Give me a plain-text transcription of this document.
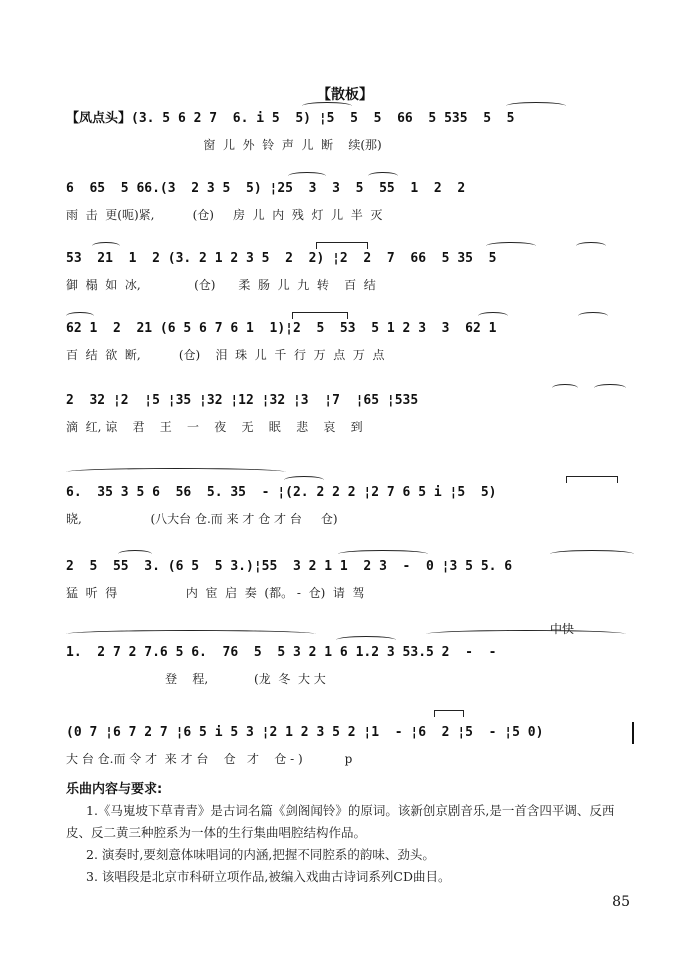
【散板】
【凤点头】(3. 5 6 2 7  6. i 5  5) ¦5  5  5  66  5 535  5  5
窗  儿  外  铃  声  儿  断    续(那)
6  65  5 66.(3  2 3 5  5) ¦25  3  3  5  55  1  2  2
雨  击  更(呃)紧,          (仓)     房  儿  内  残  灯  儿  半  灭
53  21  1  2 (3. 2 1 2 3 5  2  2) ¦2  2  7  66  5 35  5
御  榻  如  冰,              (仓)      柔  肠  儿  九  转    百  结
62 1  2  21 (6 5 6 7 6 1  1)¦2  5  53  5 1 2 3  3  62 1
百  结  欲  断,          (仓)    泪  珠  儿  千  行  万  点  万  点
2  32 ¦2  ¦5 ¦35 ¦32 ¦12 ¦32 ¦3  ¦7  ¦65 ¦535
滴  红, 谅    君    王    一    夜    无    眠    悲    哀    到
6.  35 3 5 6  56  5. 35  - ¦(2. 2 2 2 ¦2 7 6 5 i ¦5  5)
晓,                  (八大台 仓.而 来 才 仓 才 台     仓)
2  5  55  3. (6 5  5 3.)¦55  3 2 1 1  2 3  -  0 ¦3 5 5. 6
猛  听  得                  内  宦  启  奏  (都。 -  仓)  请  驾
中快
1.  2 7 2 7.6 5 6.  76  5  5 3 2 1 6 1.2 3 53.5 2  -  -
登    程,            (龙  冬  大 大
(0 7 ¦6 7 2 7 ¦6 5 i 5 3 ¦2 1 2 3 5 2 ¦1  - ¦6  2 ¦5  - ¦5 0)
大 台 仓.而 令 才  来 才 台    仓   才    仓 - )           p
乐曲内容与要求:
1.《马嵬坡下草青青》是古词名篇《剑阁闻铃》的原词。该新创京剧音乐,是一首含四平调、反西皮、反二黄三种腔系为一体的生行集曲唱腔结构作品。
2. 演奏时,要刻意体味唱词的内涵,把握不同腔系的韵味、劲头。
3. 该唱段是北京市科研立项作品,被编入戏曲古诗词系列CD曲目。
85
